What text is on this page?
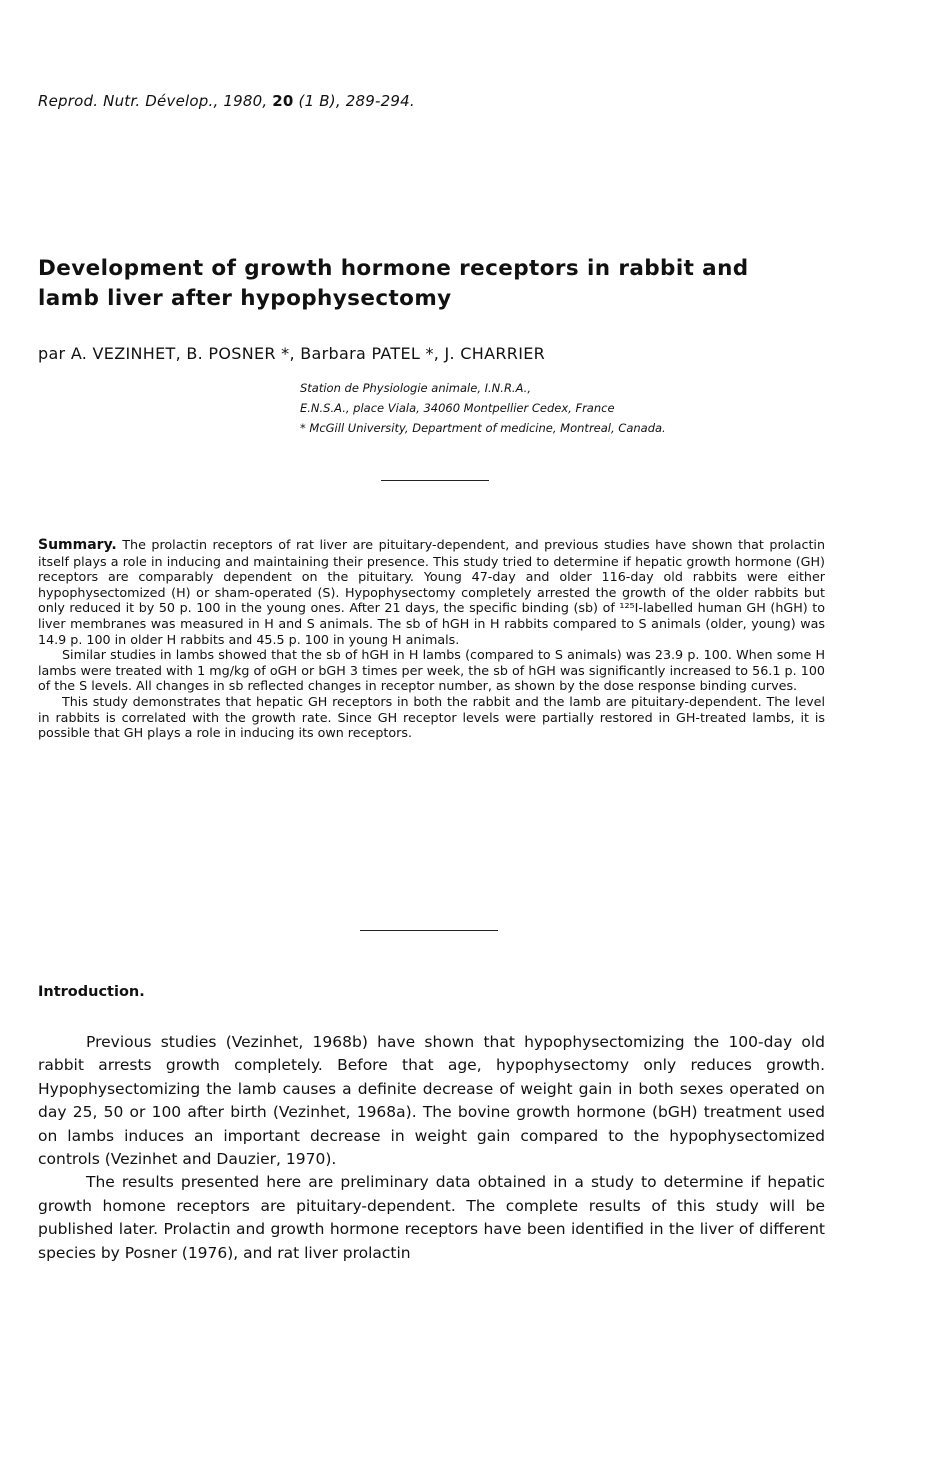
Reprod. Nutr. Dévelop., 1980, 20 (1 B), 289-294.
Development of growth hormone receptors in rabbit and lamb liver after hypophysectomy
par A. VEZINHET, B. POSNER *, Barbara PATEL *, J. CHARRIER
Station de Physiologie animale, I.N.R.A.,
E.N.S.A., place Viala, 34060 Montpellier Cedex, France
* McGill University, Department of medicine, Montreal, Canada.

Summary. The prolactin receptors of rat liver are pituitary-dependent, and previous studies have shown that prolactin itself plays a role in inducing and maintaining their presence. This study tried to determine if hepatic growth hormone (GH) receptors are comparably dependent on the pituitary. Young 47-day and older 116-day old rabbits were either hypophysectomized (H) or sham-operated (S). Hypophysectomy completely arrested the growth of the older rabbits but only reduced it by 50 p. 100 in the young ones. After 21 days, the specific binding (sb) of ¹²⁵I-labelled human GH (hGH) to liver membranes was measured in H and S animals. The sb of hGH in H rabbits compared to S animals (older, young) was 14.9 p. 100 in older H rabbits and 45.5 p. 100 in young H animals.

Similar studies in lambs showed that the sb of hGH in H lambs (compared to S animals) was 23.9 p. 100. When some H lambs were treated with 1 mg/kg of oGH or bGH 3 times per week, the sb of hGH was significantly increased to 56.1 p. 100 of the S levels. All changes in sb reflected changes in receptor number, as shown by the dose response binding curves.

This study demonstrates that hepatic GH receptors in both the rabbit and the lamb are pituitary-dependent. The level in rabbits is correlated with the growth rate. Since GH receptor levels were partially restored in GH-treated lambs, it is possible that GH plays a role in inducing its own receptors.

Introduction.

Previous studies (Vezinhet, 1968b) have shown that hypophysectomizing the 100-day old rabbit arrests growth completely. Before that age, hypophysectomy only reduces growth. Hypophysectomizing the lamb causes a definite decrease of weight gain in both sexes operated on day 25, 50 or 100 after birth (Vezinhet, 1968a). The bovine growth hormone (bGH) treatment used on lambs induces an important decrease in weight gain compared to the hypophysectomized controls (Vezinhet and Dauzier, 1970).

The results presented here are preliminary data obtained in a study to determine if hepatic growth homone receptors are pituitary-dependent. The complete results of this study will be published later. Prolactin and growth hormone receptors have been identified in the liver of different species by Posner (1976), and rat liver prolactin
